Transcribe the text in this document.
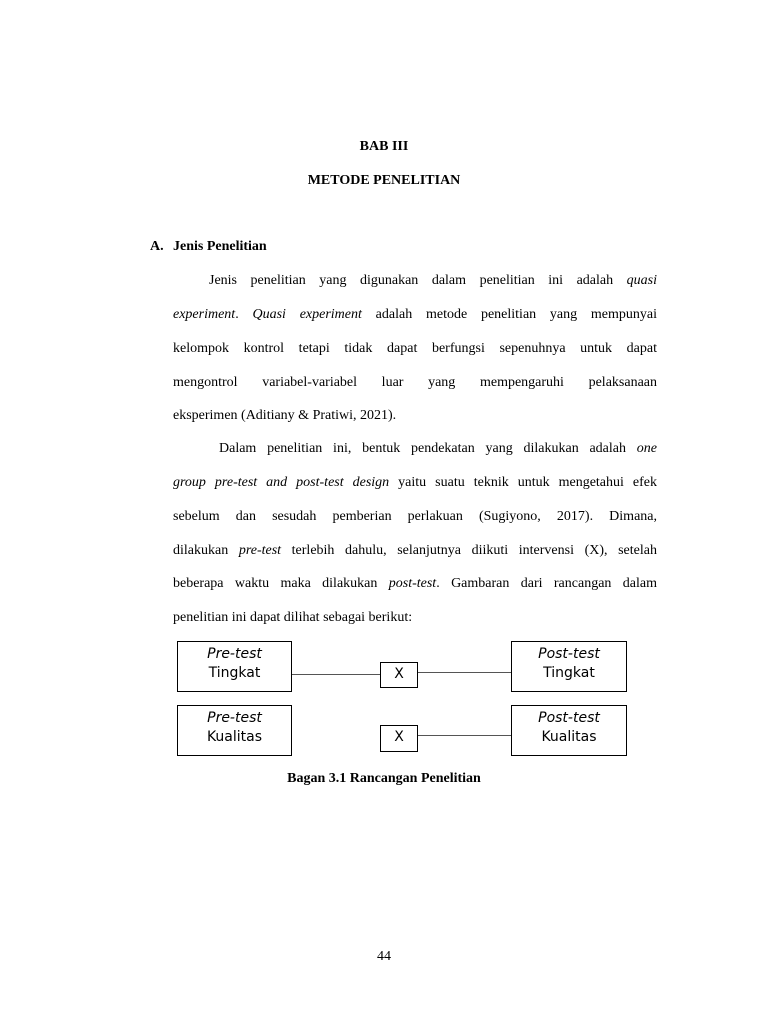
BAB III

METODE PENELITIAN

A. Jenis Penelitian

Jenis penelitian yang digunakan dalam penelitian ini adalah quasi

experiment. Quasi experiment adalah metode penelitian yang mempunyai

kelompok kontrol tetapi tidak dapat berfungsi sepenuhnya untuk dapat

mengontrol variabel-variabel luar yang mempengaruhi pelaksanaan

eksperimen (Aditiany & Pratiwi, 2021).

Dalam penelitian ini, bentuk pendekatan yang dilakukan adalah one

group pre-test and post-test design yaitu suatu teknik untuk mengetahui efek

sebelum dan sesudah pemberian perlakuan (Sugiyono, 2017). Dimana,

dilakukan pre-test terlebih dahulu, selanjutnya diikuti intervensi (X), setelah

beberapa waktu maka dilakukan post-test. Gambaran dari rancangan dalam

penelitian ini dapat dilihat sebagai berikut:

Pre-test
Tingkat	X
Post-test
Tingkat
Pre-test
Kualitas	X
Post-test
Kualitas

Bagan 3.1 Rancangan Penelitian

44
